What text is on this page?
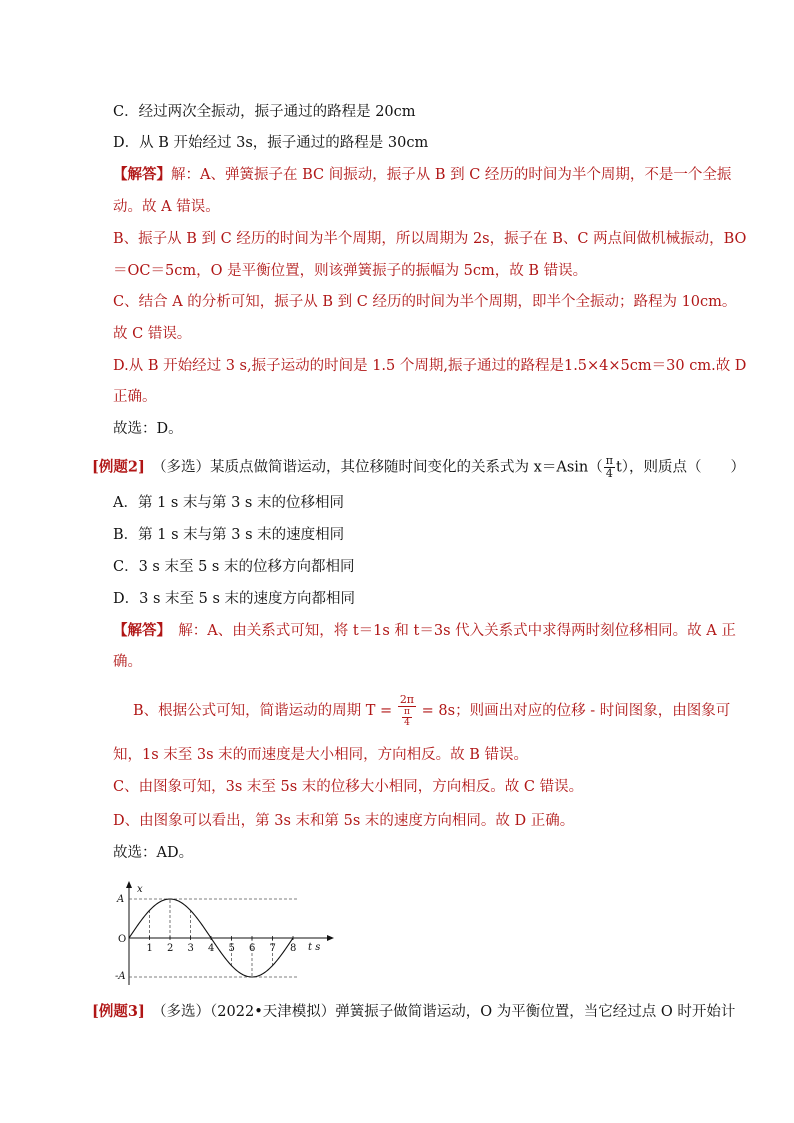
C．经过两次全振动，振子通过的路程是 20cm
D．从 B 开始经过 3s，振子通过的路程是 30cm
【解答】解：A、弹簧振子在 BC 间振动，振子从 B 到 C 经历的时间为半个周期，不是一个全振
动。故 A 错误。
B、振子从 B 到 C 经历的时间为半个周期，所以周期为 2s，振子在 B、C 两点间做机械振动，BO
＝OC＝5cm，O 是平衡位置，则该弹簧振子的振幅为 5cm，故 B 错误。
C、结合 A 的分析可知，振子从 B 到 C 经历的时间为半个周期，即半个全振动；路程为 10cm。
故 C 错误。
D.从 B 开始经过 3 s,振子运动的时间是 1.5 个周期,振子通过的路程是1.5×4×5cm＝30 cm.故 D
正确。
故选：D。
[例题2]　 （多选）某质点做简谐运动，其位移随时间变化的关系式为 $x=Asin( \frac{\pi}{4} t)$，则质点（　　）
A．第 1 s 末与第 3 s 末的位移相同
B．第 1 s 末与第 3 s 末的速度相同
C．3 s 末至 5 s 末的位移方向都相同
D．3 s 末至 5 s 末的速度方向都相同
【解答】　 解：A、由关系式可知，将 t＝1s 和 t＝3s 代入关系式中求得两时刻位移相同。故 A 正
确。
B、根据公式可知，简谐运动的周期 $T = \frac{2\pi}{\frac{\pi}{4}} = 8s$；则画出对应的位移 - 时间图象，由图象可
知，1s 末至 3s 末的而速度是大小相同，方向相反。故 B 错误。
C、由图象可知，3s 末至 5s 末的位移大小相同，方向相反。故 C 错误。
D、由图象可以看出，第 3s 末和第 5s 末的速度方向相同。故 D 正确。
故选：AD。
x
t s
A
-A
O
1 2 3 4 5 6 7 8
[例题3]　 （多选）（2022•天津模拟）弹簧振子做简谐运动，O 为平衡位置，当它经过点 O 时开始计
